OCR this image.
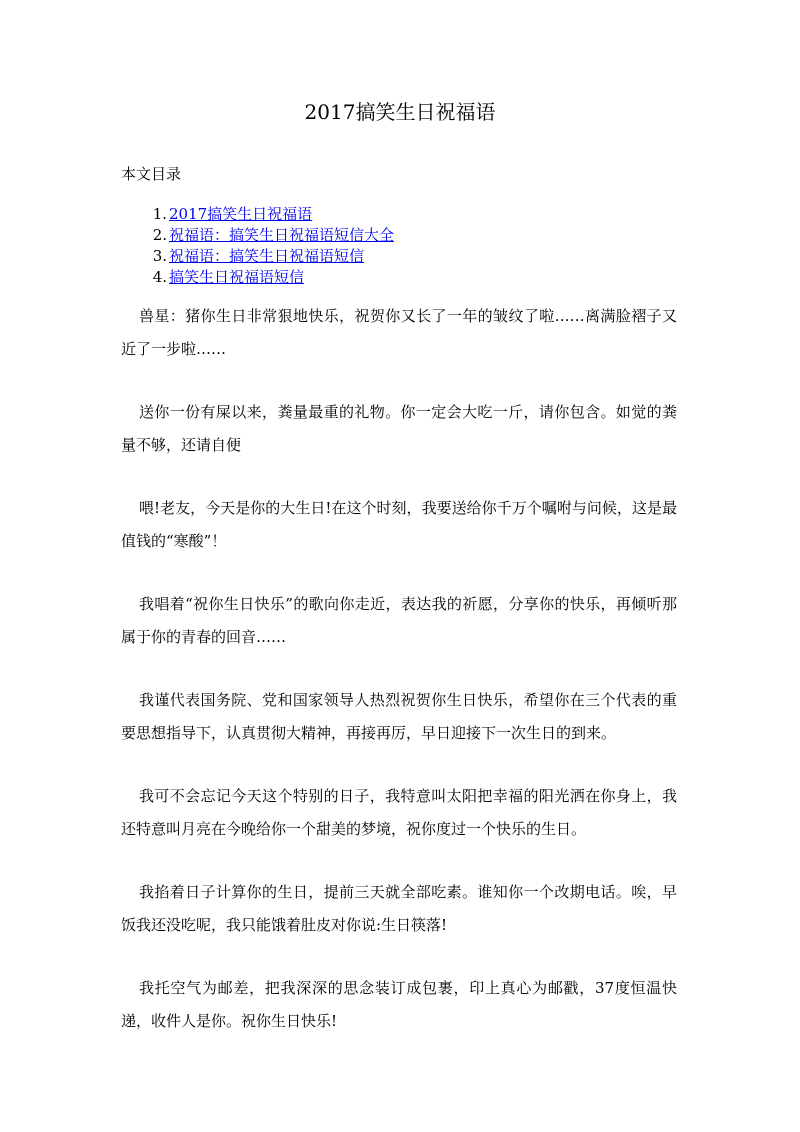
2017搞笑生日祝福语

本文目录

1. 2017搞笑生日祝福语
2. 祝福语：搞笑生日祝福语短信大全
3. 祝福语：搞笑生日祝福语短信
4. 搞笑生日祝福语短信

兽星：猪你生日非常狠地快乐，祝贺你又长了一年的皱纹了啦……离满脸褶子又近了一步啦……

送你一份有屎以来，粪量最重的礼物。你一定会大吃一斤，请你包含。如觉的粪量不够，还请自便

喂!老友，今天是你的大生日!在这个时刻，我要送给你千万个嘱咐与问候，这是最值钱的“寒酸”！

我唱着“祝你生日快乐”的歌向你走近，表达我的祈愿，分享你的快乐，再倾听那属于你的青春的回音……

我谨代表国务院、党和国家领导人热烈祝贺你生日快乐，希望你在三个代表的重要思想指导下，认真贯彻大精神，再接再厉，早日迎接下一次生日的到来。

我可不会忘记今天这个特别的日子，我特意叫太阳把幸福的阳光洒在你身上，我还特意叫月亮在今晚给你一个甜美的梦境，祝你度过一个快乐的生日。

我掐着日子计算你的生日，提前三天就全部吃素。谁知你一个改期电话。唉，早饭我还没吃呢，我只能饿着肚皮对你说:生日筷落!

我托空气为邮差，把我深深的思念装订成包裹，印上真心为邮戳，37度恒温快递，收件人是你。祝你生日快乐!
